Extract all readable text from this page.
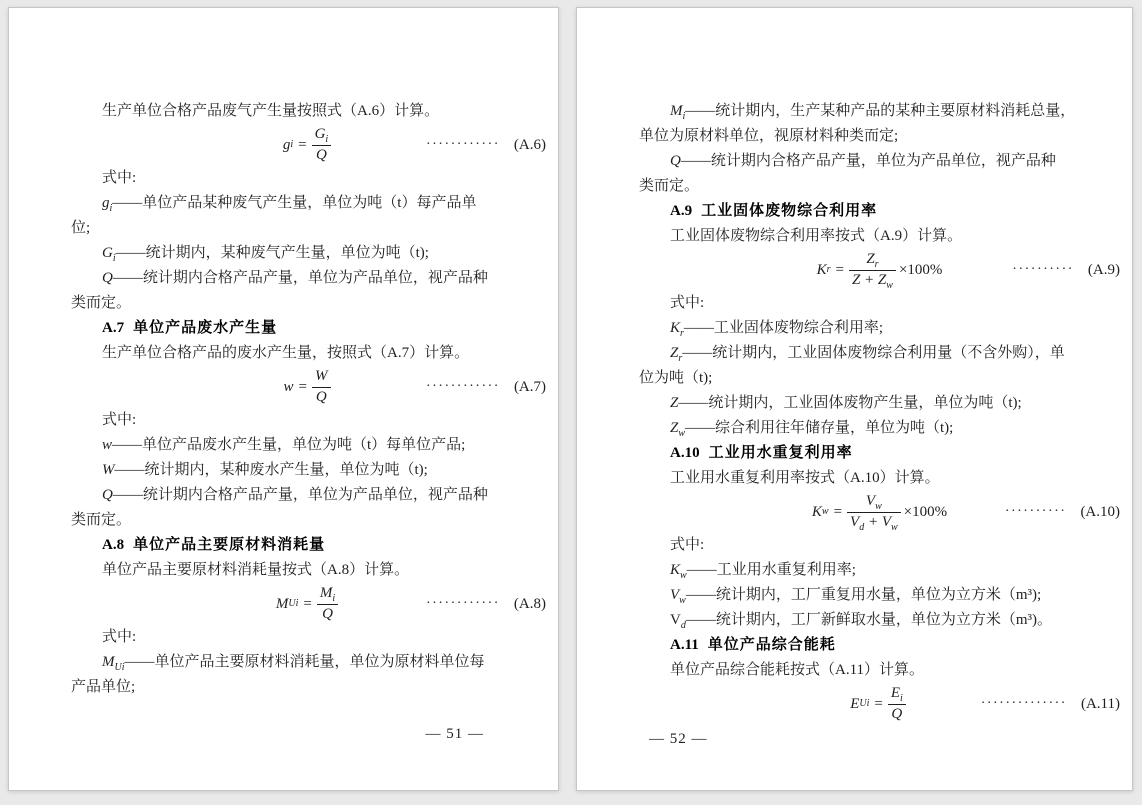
生产单位合格产品废气产生量按照式（A.6）计算。
g $i = \frac{G_i}{Q}$	············ (A.6)
式中:
$g_i——$单位产品某种废气产生量，单位为吨（t）每产品单
位;
$G_i——$统计期内，某种废气产生量，单位为吨（t);
Q——统计期内合格产品产量，单位为产品单位，视产品种
类而定。
A.7 单位产品废水产生量
生产单位合格产品的废水产生量，按照式（A.7）计算。
$w = \frac{W}{Q}$	············ (A.7)
式中:
w——单位产品废水产生量，单位为吨（t）每单位产品;
W——统计期内，某种废水产生量，单位为吨（t);
Q——统计期内合格产品产量，单位为产品单位，视产品种
类而定。
A.8 单位产品主要原材料消耗量
单位产品主要原材料消耗量按式（A.8）计算。
M $Ui = \frac{M_i}{Q}$	············ (A.8)
式中:
$M_{Ui}——$单位产品主要原材料消耗量，单位为原材料单位每
产品单位;
— 51 —
$M_i——$统计期内，生产某种产品的某种主要原材料消耗总量，
单位为原材料单位，视原材料种类而定;
Q——统计期内合格产品产量，单位为产品单位，视产品种
类而定。
A.9 工业固体废物综合利用率
工业固体废物综合利用率按式（A.9）计算。
K $r = \frac{Z_r}{Z + Z_w} \times 100\%$	·········· (A.9)
式中:
$K_r——$工业固体废物综合利用率;
$Z_r——$统计期内，工业固体废物综合利用量（不含外购），单
位为吨（t);
Z——统计期内，工业固体废物产生量，单位为吨（t);
$Z_w——$综合利用往年储存量，单位为吨（t);
A.10 工业用水重复利用率
工业用水重复利用率按式（A.10）计算。
K $w = \frac{V_w}{V_d + V_w} \times 100\%$	·········· (A.10)
式中:
$K_w——$工业用水重复利用率;
$V_w——$统计期内，工厂重复用水量，单位为立方米（m³);
$V_d——$统计期内，工厂新鲜取水量，单位为立方米（m³)。
A.11 单位产品综合能耗
单位产品综合能耗按式（A.11）计算。
E $Ui = \frac{E_i}{Q}$	·············· (A.11)
— 52 —
